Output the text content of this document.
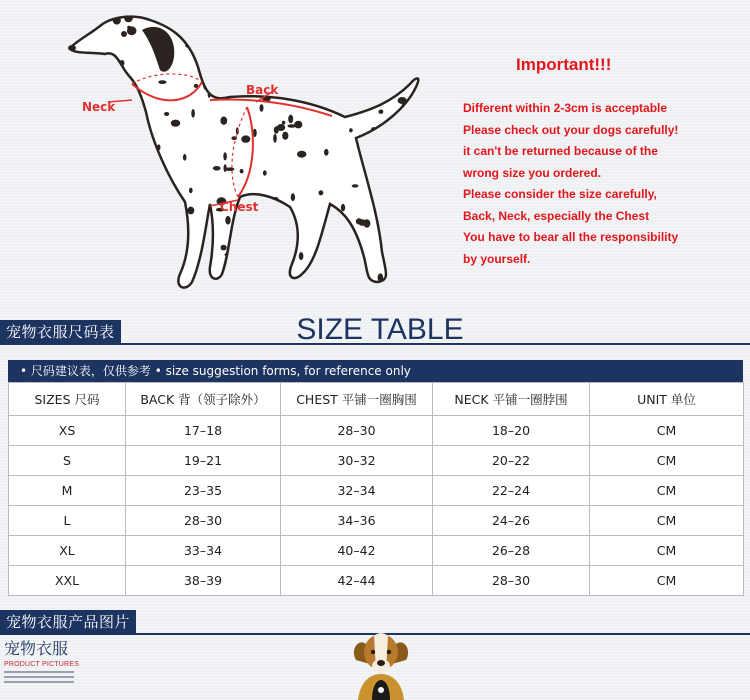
Neck
Back
Chest
Important!!!
Different within 2-3cm is acceptable
Please check out your dogs carefully!
it can't be returned because of the
wrong size you ordered.
Please consider the size carefully,
Back, Neck, especially the Chest
You have to bear all the responsibility
by yourself.
宠物衣服尺码表	SIZE TABLE
• 尺码建议表，仅供参考 • size suggestion forms, for reference only
SIZES 尺码	BACK 背（领子除外）	CHEST 平铺一圈胸围	NECK 平铺一圈脖围	UNIT 单位
XS	17–18	28–30	18–20	CM
S	19–21	30–32	20–22	CM
M	23–35	32–34	22–24	CM
L	28–30	34–36	24–26	CM
XL	33–34	40–42	26–28	CM
XXL	38–39	42–44	28–30	CM
宠物衣服产品图片
宠物衣服
PRODUCT PICTURES
